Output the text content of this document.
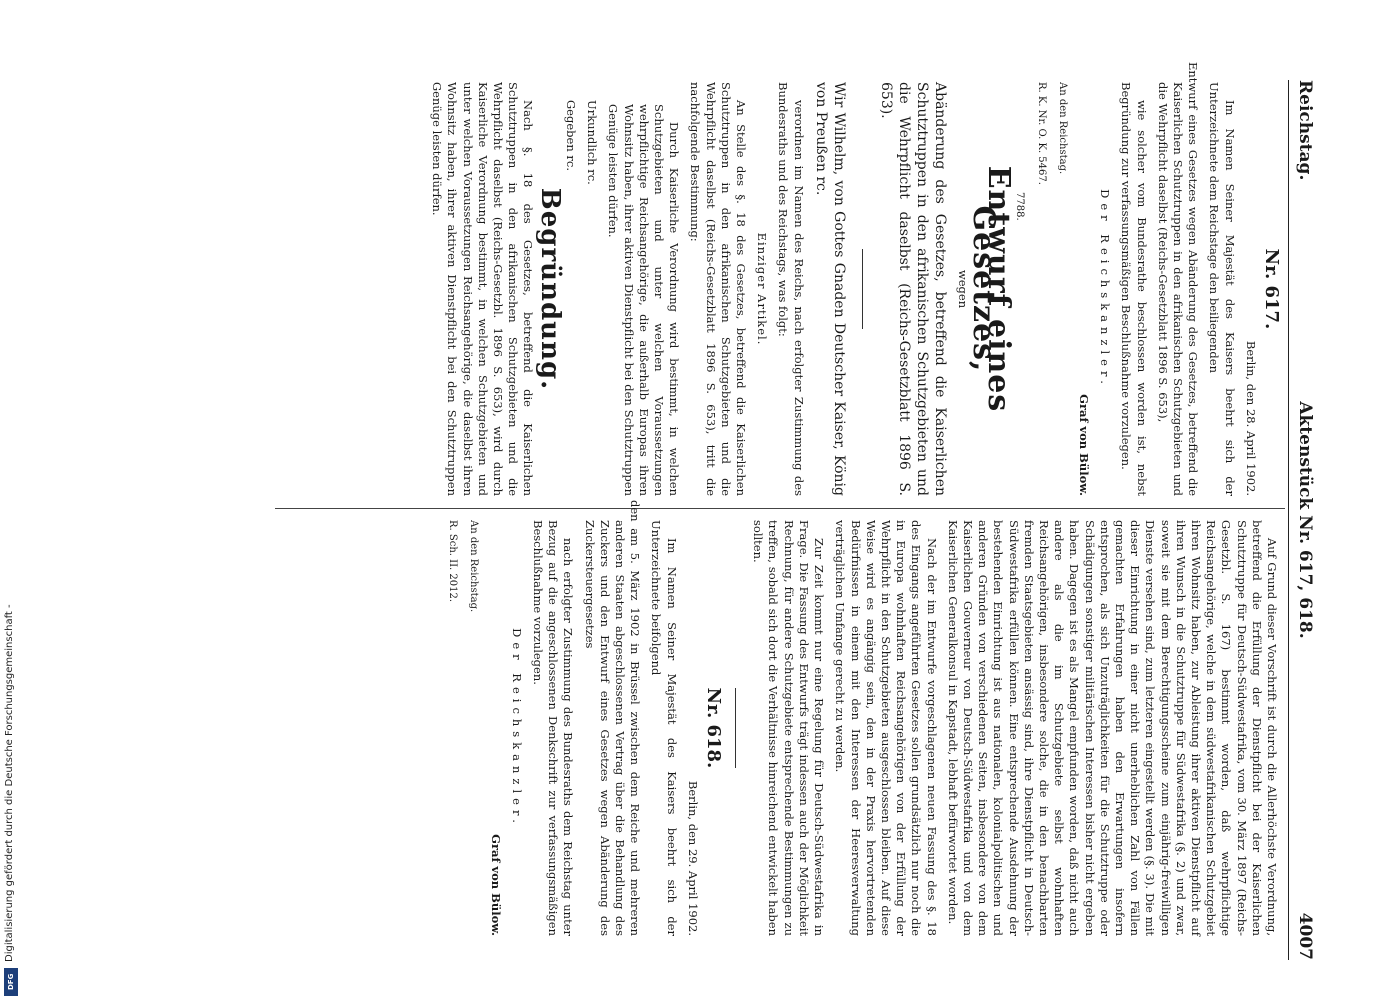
Reichstag.
Aktenstück Nr. 617, 618.
4007

Nr. 617.

Berlin, den 28. April 1902.

Im Namen Seiner Majestät des Kaisers beehrt sich der Unterzeichnete dem Reichstage den beiliegenden

Entwurf eines Gesetzes wegen Abänderung des Gesetzes, betreffend die Kaiserlichen Schutztruppen in den afrikanischen Schutzgebieten und die Wehrpflicht daselbst (Reichs-Gesetzblatt 1896 S. 653),

wie solcher vom Bundesrathe beschlossen worden ist, nebst Begründung zur verfassungsmäßigen Beschlußnahme vorzulegen.

Der Reichskanzler.

Graf von Bülow.

An den Reichstag.

R. K. Nr. O. K. 5467.

7788.

Entwurf eines Gesetzes,

wegen

Abänderung des Gesetzes, betreffend die Kaiserlichen Schutztruppen in den afrikanischen Schutzgebieten und die Wehrpflicht daselbst (Reichs-Gesetzblatt 1896 S. 653).

Wir Wilhelm, von Gottes Gnaden Deutscher Kaiser, König von Preußen rc.

verordnen im Namen des Reichs, nach erfolgter Zustimmung des Bundesraths und des Reichstags, was folgt:

Einziger Artikel.

An Stelle des §. 18 des Gesetzes, betreffend die Kaiserlichen Schutztruppen in den afrikanischen Schutzgebieten und die Wehrpflicht daselbst (Reichs-Gesetzblatt 1896 S. 653), tritt die nachfolgende Bestimmung:

Durch Kaiserliche Verordnung wird bestimmt, in welchen Schutzgebieten und unter welchen Voraussetzungen wehrpflichtige Reichsangehörige, die außerhalb Europas ihren Wohnsitz haben, ihrer aktiven Dienstpflicht bei den Schutztruppen Genüge leisten dürfen.

Urkundlich rc.

Gegeben rc.

Begründung.

Nach §. 18 des Gesetzes, betreffend die Kaiserlichen Schutztruppen in den afrikanischen Schutzgebieten und die Wehrpflicht daselbst (Reichs-Gesetzbl. 1896 S. 653), wird durch Kaiserliche Verordnung bestimmt, in welchen Schutzgebieten und unter welchen Voraussetzungen Reichsangehörige, die daselbst ihren Wohnsitz haben, ihrer aktiven Dienstpflicht bei den Schutztruppen Genüge leisten dürfen.

Auf Grund dieser Vorschrift ist durch die Allerhöchste Verordnung, betreffend die Erfüllung der Dienstpflicht bei der Kaiserlichen Schutztruppe für Deutsch-Südwestafrika, vom 30. März 1897 (Reichs-Gesetzbl. S. 167) bestimmt worden, daß wehrpflichtige Reichsangehörige, welche in dem südwestafrikanischen Schutzgebiet ihren Wohnsitz haben, zur Ableistung ihrer aktiven Dienstpflicht auf ihren Wunsch in die Schutztruppe für Südwestafrika (§. 2) und zwar, soweit sie mit dem Berechtigungsscheine zum einjährig-freiwilligen Dienste versehen sind, zum letzteren eingestellt werden (§. 3). Die mit dieser Einrichtung in einer nicht unerheblichen Zahl von Fällen gemachten Erfahrungen haben den Erwartungen insofern entsprochen, als sich Unzuträglichkeiten für die Schutztruppe oder Schädigungen sonstiger militärischen Interessen bisher nicht ergeben haben. Dagegen ist es als Mangel empfunden worden, daß nicht auch andere als die im Schutzgebiete selbst wohnhaften Reichsangehörigen, insbesondere solche, die in den benachbarten fremden Staatsgebieten ansässig sind, ihre Dienstpflicht in Deutsch-Südwestafrika erfüllen können. Eine entsprechende Ausdehnung der bestehenden Einrichtung ist aus nationalen, kolonialpolitischen und anderen Gründen von verschiedenen Seiten, insbesondere von dem Kaiserlichen Gouverneur von Deutsch-Südwestafrika und von dem Kaiserlichen Generalkonsul in Kapstadt, lebhaft befürwortet worden.

Nach der im Entwurfe vorgeschlagenen neuen Fassung des §. 18 des Eingangs angeführten Gesetzes sollen grundsätzlich nur noch die in Europa wohnhaften Reichsangehörigen von der Erfüllung der Wehrpflicht in den Schutzgebieten ausgeschlossen bleiben. Auf diese Weise wird es angängig sein, den in der Praxis hervortretenden Bedürfnissen in einem mit den Interessen der Heeresverwaltung verträglichen Umfange gerecht zu werden.

Zur Zeit kommt nur eine Regelung für Deutsch-Südwestafrika in Frage. Die Fassung des Entwurfs trägt indessen auch der Möglichkeit Rechnung, für andere Schutzgebiete entsprechende Bestimmungen zu treffen, sobald sich dort die Verhältnisse hinreichend entwickelt haben sollten.

Nr. 618.

Berlin, den 29. April 1902.

Im Namen Seiner Majestät des Kaisers beehrt sich der Unterzeichnete beifolgend

den am 5. März 1902 in Brüssel zwischen dem Reiche und mehreren anderen Staaten abgeschlossenen Vertrag über die Behandlung des Zuckers und den Entwurf eines Gesetzes wegen Abänderung des Zuckersteuergesetzes

nach erfolgter Zustimmung des Bundesraths dem Reichstag unter Bezug auf die angeschlossenen Denkschrift zur verfassungsmäßigen Beschlußnahme vorzulegen.

Der Reichskanzler.

Graf von Bülow.

An den Reichstag.

R. Sch. II. 2012.

DFG
Digitalisierung gefördert durch die Deutsche Forschungsgemeinschaft -
